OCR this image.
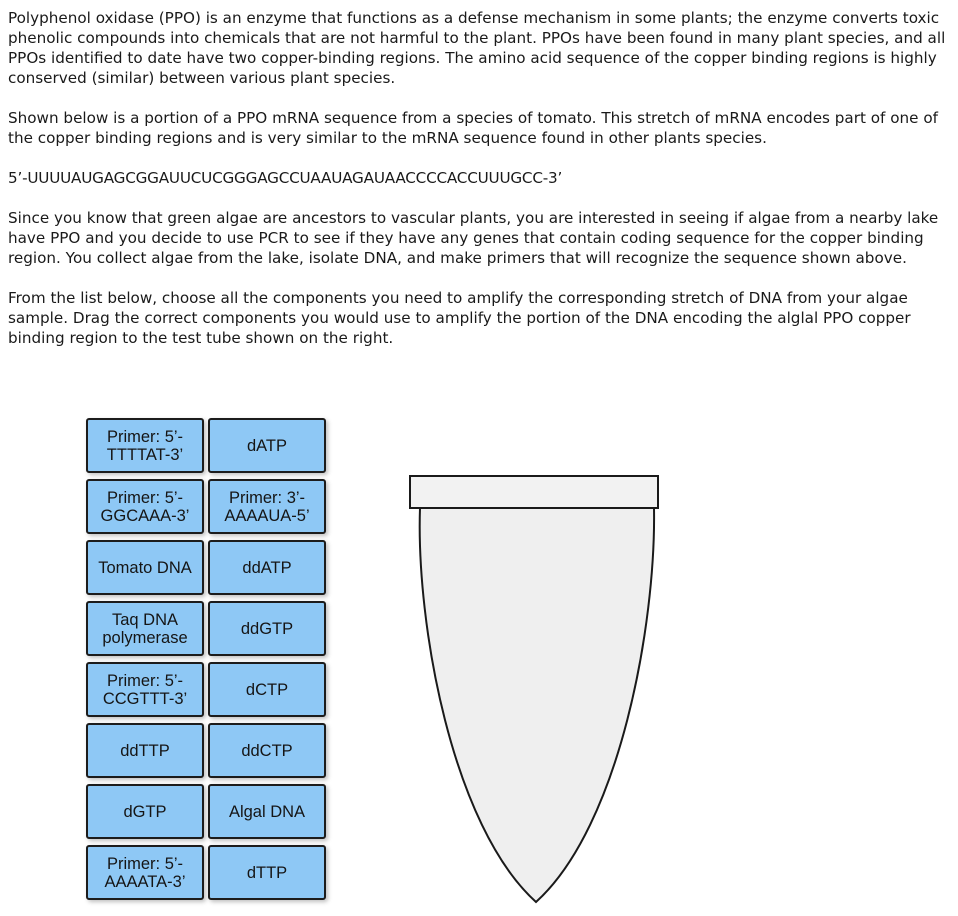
Polyphenol oxidase (PPO) is an enzyme that functions as a defense mechanism in some plants; the enzyme converts toxic phenolic compounds into chemicals that are not harmful to the plant. PPOs have been found in many plant species, and all PPOs identified to date have two copper-binding regions. The amino acid sequence of the copper binding regions is highly conserved (similar) between various plant species.

Shown below is a portion of a PPO mRNA sequence from a species of tomato. This stretch of mRNA encodes part of one of the copper binding regions and is very similar to the mRNA sequence found in other plants species.

5’-UUUUAUGAGCGGAUUCUCGGGAGCCUAAUAGAUAACCCCACCUUUGCC-3’

Since you know that green algae are ancestors to vascular plants, you are interested in seeing if algae from a nearby lake have PPO and you decide to use PCR to see if they have any genes that contain coding sequence for the copper binding region. You collect algae from the lake, isolate DNA, and make primers that will recognize the sequence shown above.

From the list below, choose all the components you need to amplify the corresponding stretch of DNA from your algae sample. Drag the correct components you would use to amplify the portion of the DNA encoding the alglal PPO copper binding region to the test tube shown on the right.

Primer: 5’-TTTTAT-3’	dATP
Primer: 5’-GGCAAA-3’
Primer: 3’-AAAAUA-5’
Tomato DNA	ddATP
Taq DNA polymerase	ddGTP
Primer: 5’-CCGTTT-3’	dCTP
ddTTP	ddCTP
dGTP	Algal DNA
Primer: 5’-AAAATA-3’	dTTP
